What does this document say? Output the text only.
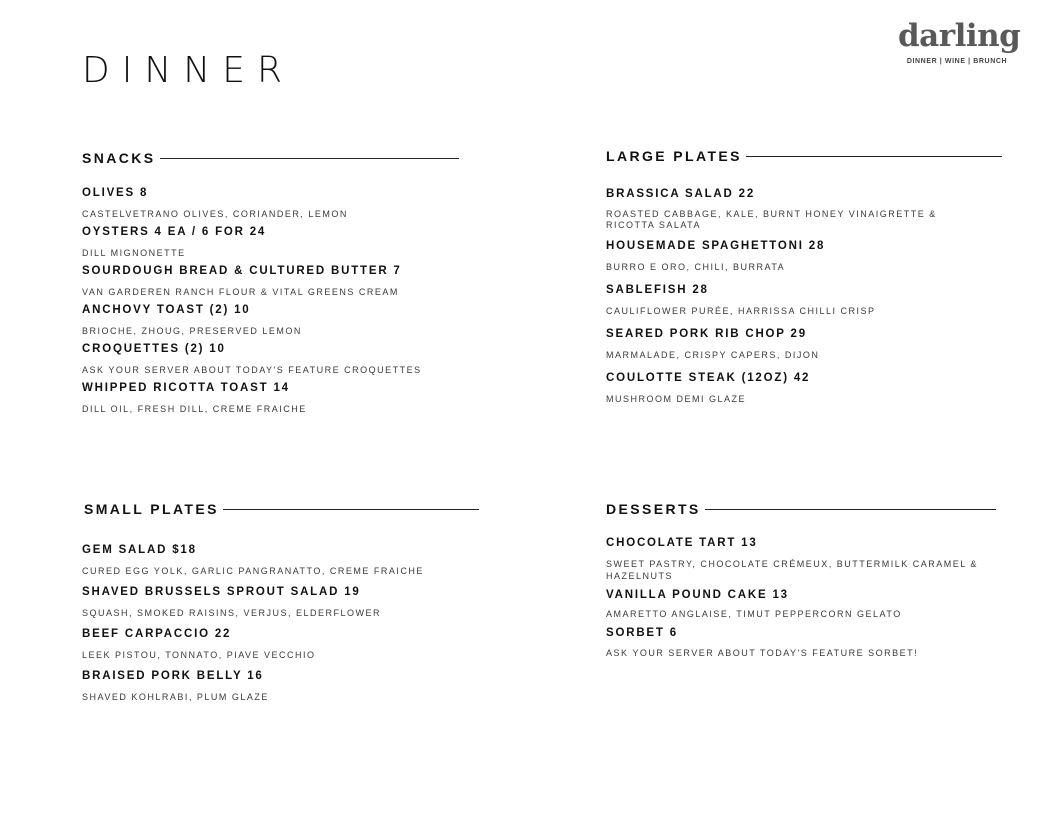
DINNER
darling
DINNER | WINE | BRUNCH
SNACKS
OLIVES 8
CASTELVETRANO OLIVES, CORIANDER, LEMON
OYSTERS 4 EA / 6 FOR 24
DILL MIGNONETTE
SOURDOUGH BREAD & CULTURED BUTTER 7
VAN GARDEREN RANCH FLOUR & VITAL GREENS CREAM
ANCHOVY TOAST (2) 10
BRIOCHE, ZHOUG, PRESERVED LEMON
CROQUETTES (2) 10
ASK YOUR SERVER ABOUT TODAY'S FEATURE CROQUETTES
WHIPPED RICOTTA TOAST 14
DILL OIL, FRESH DILL, CREME FRAICHE
LARGE PLATES
BRASSICA SALAD 22
ROASTED CABBAGE, KALE, BURNT HONEY VINAIGRETTE & RICOTTA SALATA
HOUSEMADE SPAGHETTONI 28
BURRO E ORO, CHILI, BURRATA
SABLEFISH 28
CAULIFLOWER PURÉE, HARRISSA CHILLI CRISP
SEARED PORK RIB CHOP 29
MARMALADE, CRISPY CAPERS, DIJON
COULOTTE STEAK (12OZ) 42
MUSHROOM DEMI GLAZE
SMALL PLATES
GEM SALAD $18
CURED EGG YOLK, GARLIC PANGRANATTO, CREME FRAICHE
SHAVED BRUSSELS SPROUT SALAD 19
SQUASH, SMOKED RAISINS, VERJUS, ELDERFLOWER
BEEF CARPACCIO 22
LEEK PISTOU, TONNATO, PIAVE VECCHIO
BRAISED PORK BELLY 16
SHAVED KOHLRABI, PLUM GLAZE
DESSERTS
CHOCOLATE TART 13
SWEET PASTRY, CHOCOLATE CRÉMEUX, BUTTERMILK CARAMEL & HAZELNUTS
VANILLA POUND CAKE 13
AMARETTO ANGLAISE, TIMUT PEPPERCORN GELATO
SORBET 6
ASK YOUR SERVER ABOUT TODAY'S FEATURE SORBET!
